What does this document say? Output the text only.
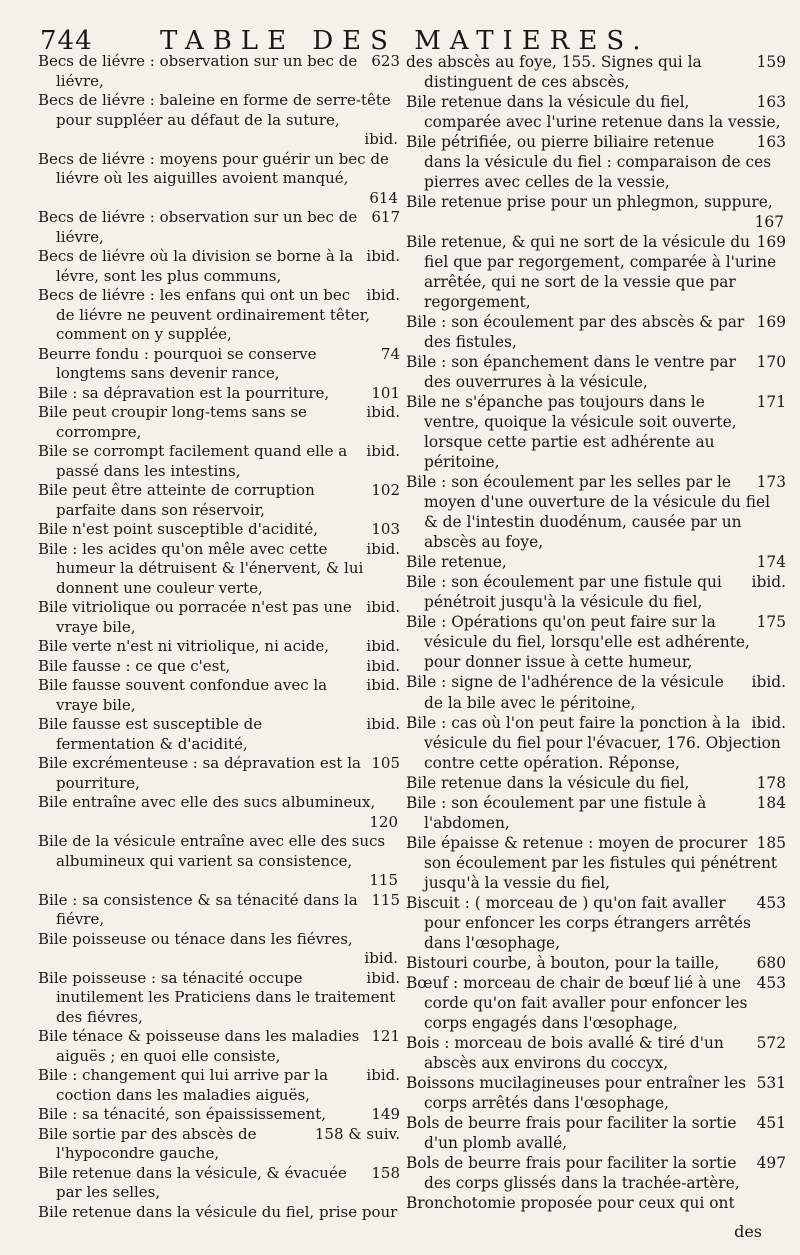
744	TABLE DES MATIERES.
623
Becs de liévre : observation sur un bec de liévre,
Becs de liévre : baleine en forme de serre-tête pour suppléer au défaut de la suture,
ibid.
Becs de liévre : moyens pour guérir un bec de liévre où les aiguilles avoient manqué,
614
617
Becs de liévre : observation sur un bec de liévre,
ibid.
Becs de liévre où la division se borne à la lévre, sont les plus communs,
ibid.
Becs de liévre : les enfans qui ont un bec de liévre ne peuvent ordinairement têter, comment on y supplée,
74
Beurre fondu : pourquoi se conserve longtems sans devenir rance,
101
Bile : sa dépravation est la pourriture,
ibid.
Bile peut croupir long-tems sans se corrompre,
ibid.
Bile se corrompt facilement quand elle a passé dans les intestins,
102
Bile peut être atteinte de corruption parfaite dans son réservoir,
103
Bile n'est point susceptible d'acidité,
ibid.
Bile : les acides qu'on mêle avec cette humeur la détruisent & l'énervent, & lui donnent une couleur verte,
ibid.
Bile vitriolique ou porracée n'est pas une vraye bile,
ibid.
Bile verte n'est ni vitriolique, ni acide,
ibid.
Bile fausse : ce que c'est,
ibid.
Bile fausse souvent confondue avec la vraye bile,
ibid.
Bile fausse est susceptible de fermentation & d'acidité,
105
Bile excrémenteuse : sa dépravation est la pourriture,
Bile entraîne avec elle des sucs albumineux,
120
Bile de la vésicule entraîne avec elle des sucs albumineux qui varient sa consistence,
115
115
Bile : sa consistence & sa ténacité dans la fiévre,
Bile poisseuse ou ténace dans les fiévres,
ibid.
ibid.
Bile poisseuse : sa ténacité occupe inutilement les Praticiens dans le traitement des fiévres,
121
Bile ténace & poisseuse dans les maladies aiguës ; en quoi elle consiste,
ibid.
Bile : changement qui lui arrive par la coction dans les maladies aiguës,
149
Bile : sa ténacité, son épaississement,
158 & suiv.
Bile sortie par des abscès de l'hypocondre gauche,
158
Bile retenue dans la vésicule, & évacuée par les selles,
Bile retenue dans la vésicule du fiel, prise pour
159
des abscès au foye, 155. Signes qui la distinguent de ces abscès,
163
Bile retenue dans la vésicule du fiel, comparée avec l'urine retenue dans la vessie,
163
Bile pétrifiée, ou pierre biliaire retenue dans la vésicule du fiel : comparaison de ces pierres avec celles de la vessie,
Bile retenue prise pour un phlegmon, suppure,
167
169
Bile retenue, & qui ne sort de la vésicule du fiel que par regorgement, comparée à l'urine arrêtée, qui ne sort de la vessie que par regorgement,
169
Bile : son écoulement par des abscès & par des fistules,
170
Bile : son épanchement dans le ventre par des ouverrures à la vésicule,
171
Bile ne s'épanche pas toujours dans le ventre, quoique la vésicule soit ouverte, lorsque cette partie est adhérente au péritoine,
173
Bile : son écoulement par les selles par le moyen d'une ouverture de la vésicule du fiel & de l'intestin duodénum, causée par un abscès au foye,
174
Bile retenue,
ibid.
Bile : son écoulement par une fistule qui pénétroit jusqu'à la vésicule du fiel,
175
Bile : Opérations qu'on peut faire sur la vésicule du fiel, lorsqu'elle est adhérente, pour donner issue à cette humeur,
ibid.
Bile : signe de l'adhérence de la vésicule de la bile avec le péritoine,
ibid.
Bile : cas où l'on peut faire la ponction à la vésicule du fiel pour l'évacuer, 176. Objection contre cette opération. Réponse,
178
Bile retenue dans la vésicule du fiel,
184
Bile : son écoulement par une fistule à l'abdomen,
185
Bile épaisse & retenue : moyen de procurer son écoulement par les fistules qui pénétrent jusqu'à la vessie du fiel,
453
Biscuit : ( morceau de ) qu'on fait avaller pour enfoncer les corps étrangers arrêtés dans l'œsophage,
680
Bistouri courbe, à bouton, pour la taille,
453
Bœuf : morceau de chair de bœuf lié à une corde qu'on fait avaller pour enfoncer les corps engagés dans l'œsophage,
572
Bois : morceau de bois avallé & tiré d'un abscès aux environs du coccyx,
531
Boissons mucilagineuses pour entraîner les corps arrêtés dans l'œsophage,
451
Bols de beurre frais pour faciliter la sortie d'un plomb avallé,
497
Bols de beurre frais pour faciliter la sortie des corps glissés dans la trachée-artère,
Bronchotomie proposée pour ceux qui ont
des
